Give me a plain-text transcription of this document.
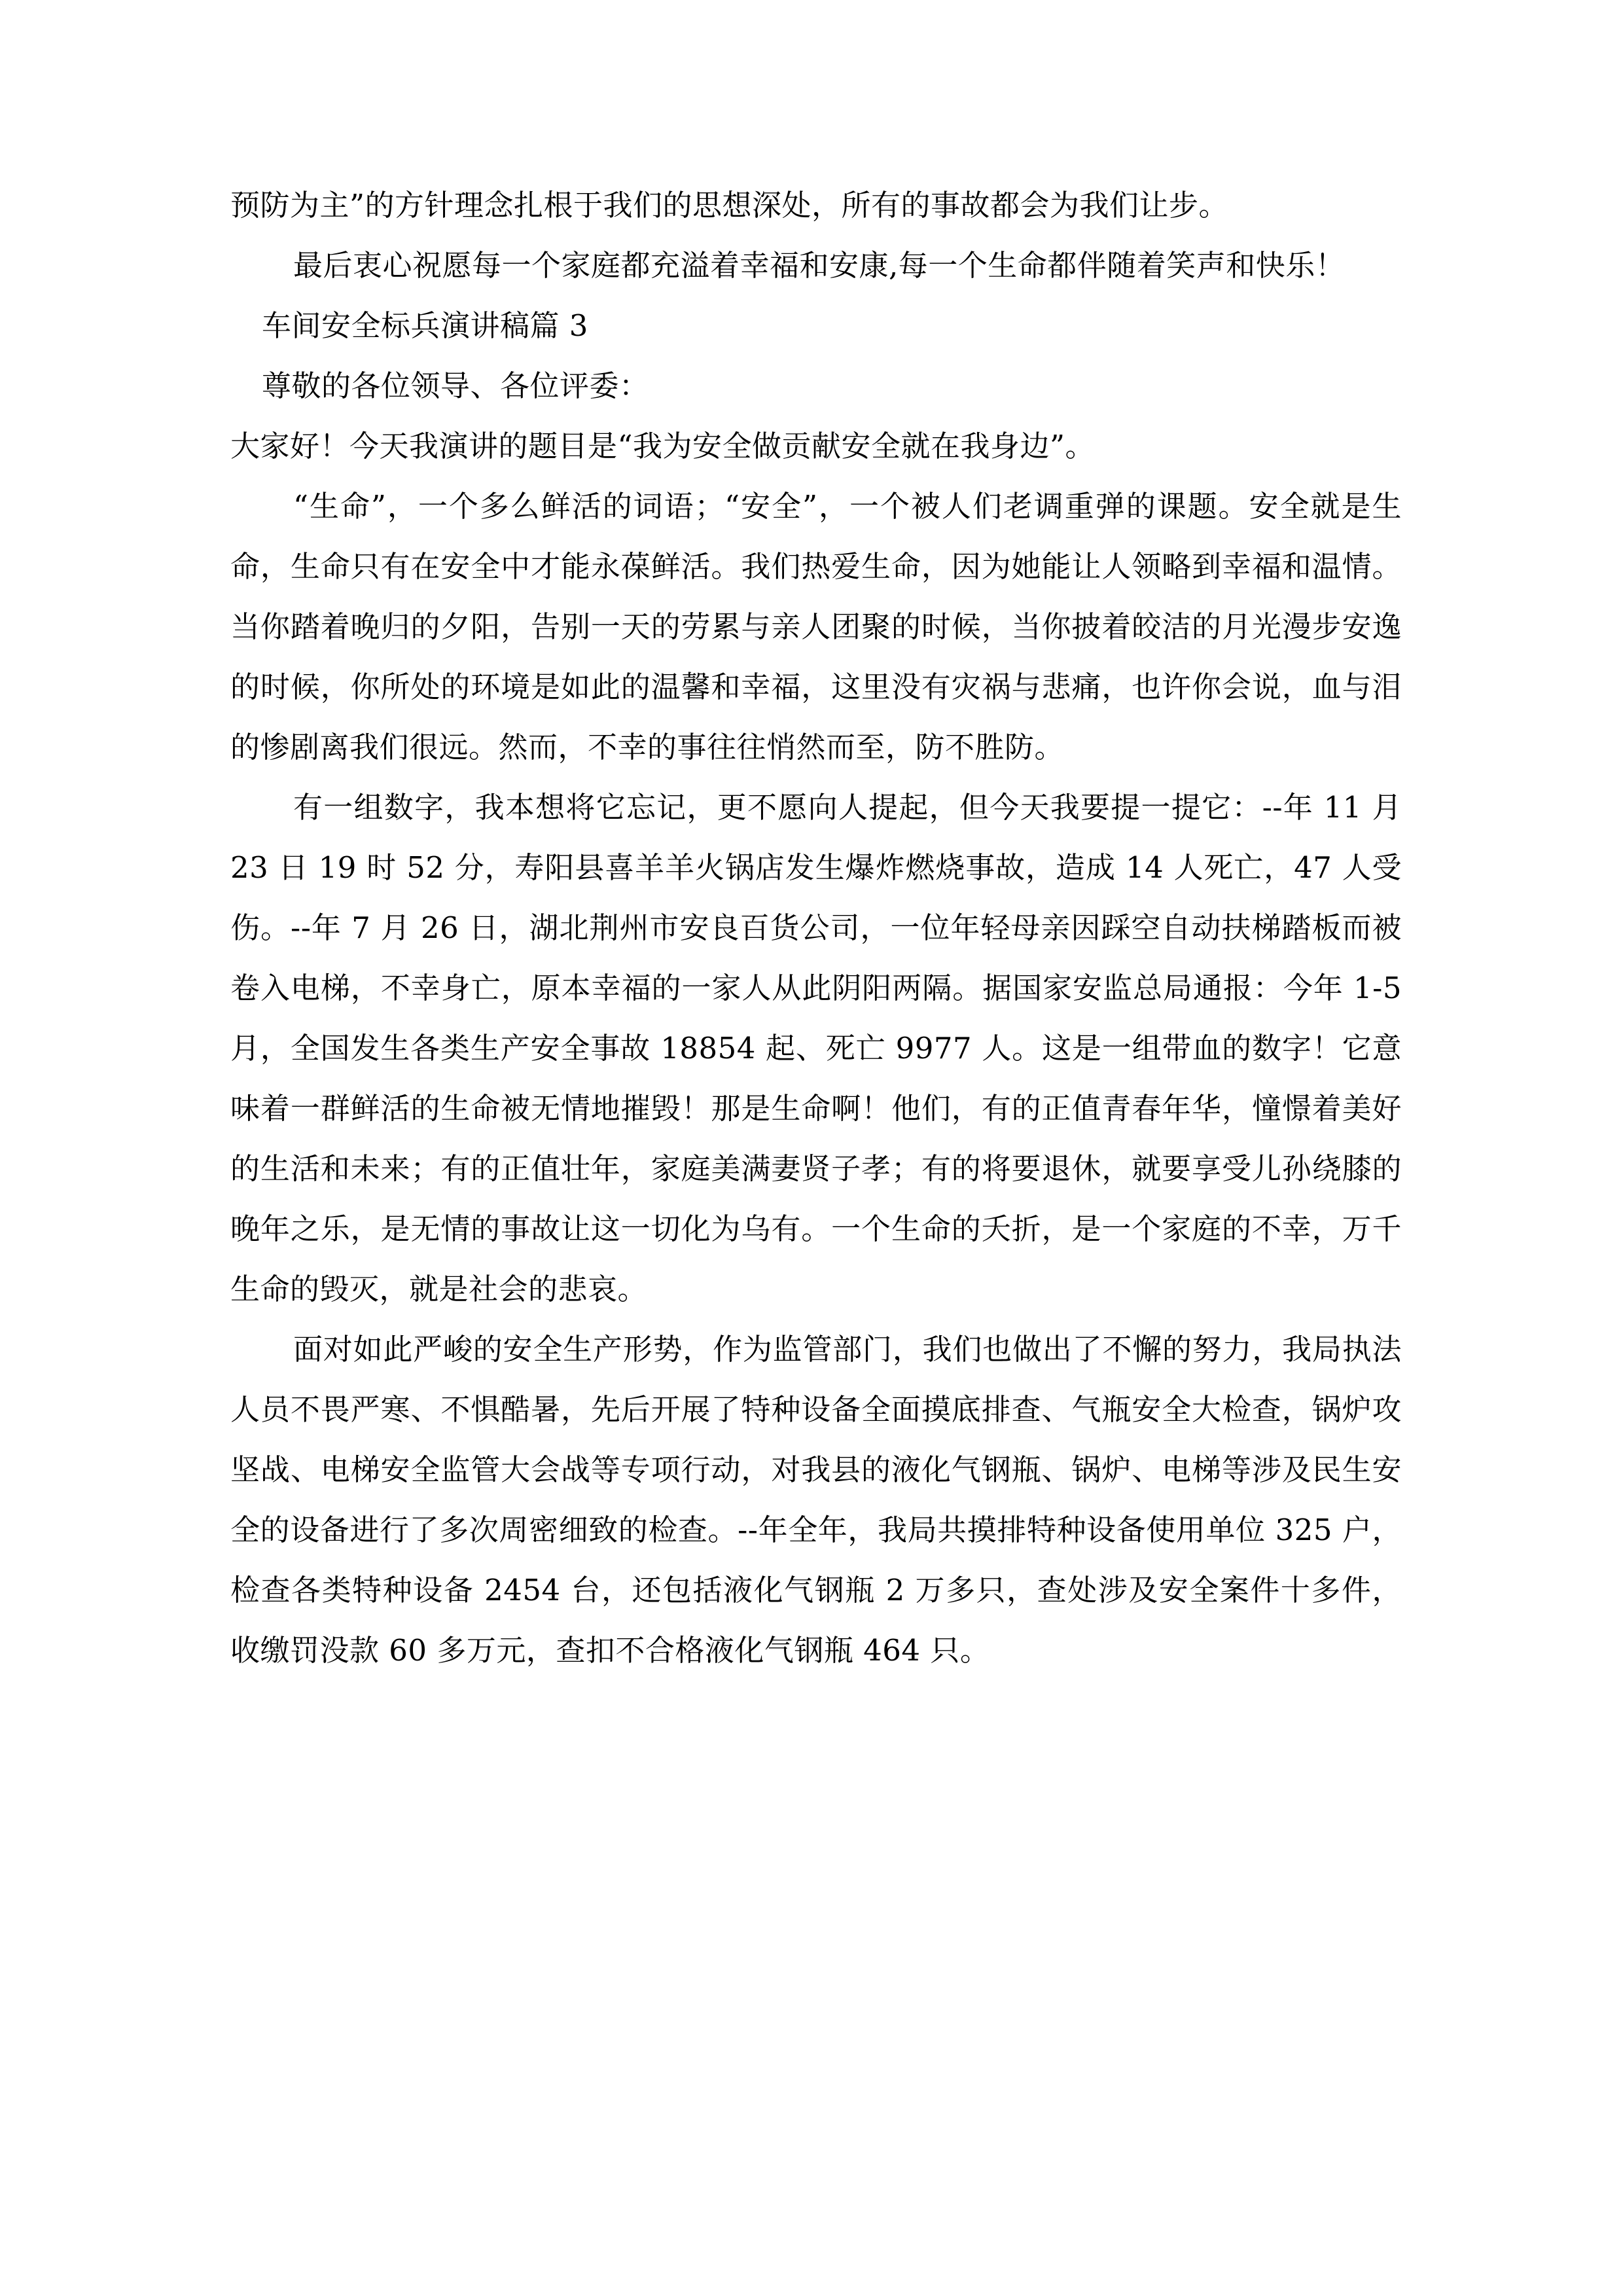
预防为主”的方针理念扎根于我们的思想深处，所有的事故都会为我们让步。

最后衷心祝愿每一个家庭都充溢着幸福和安康,每一个生命都伴随着笑声和快乐！

车间安全标兵演讲稿篇 3

尊敬的各位领导、各位评委：

大家好！今天我演讲的题目是“我为安全做贡献安全就在我身边”。

“生命”，一个多么鲜活的词语；“安全”，一个被人们老调重弹的课题。安全就是生命，生命只有在安全中才能永葆鲜活。我们热爱生命，因为她能让人领略到幸福和温情。当你踏着晚归的夕阳，告别一天的劳累与亲人团聚的时候，当你披着皎洁的月光漫步安逸的时候，你所处的环境是如此的温馨和幸福，这里没有灾祸与悲痛，也许你会说，血与泪的惨剧离我们很远。然而，不幸的事往往悄然而至，防不胜防。

有一组数字，我本想将它忘记，更不愿向人提起，但今天我要提一提它：--年 11 月 23 日 19 时 52 分，寿阳县喜羊羊火锅店发生爆炸燃烧事故，造成 14 人死亡，47 人受伤。--年 7 月 26 日，湖北荆州市安良百货公司，一位年轻母亲因踩空自动扶梯踏板而被卷入电梯，不幸身亡，原本幸福的一家人从此阴阳两隔。据国家安监总局通报：今年 1-5 月，全国发生各类生产安全事故 18854 起、死亡 9977 人。这是一组带血的数字！它意味着一群鲜活的生命被无情地摧毁！那是生命啊！他们，有的正值青春年华，憧憬着美好的生活和未来；有的正值壮年，家庭美满妻贤子孝；有的将要退休，就要享受儿孙绕膝的晚年之乐，是无情的事故让这一切化为乌有。一个生命的夭折，是一个家庭的不幸，万千生命的毁灭，就是社会的悲哀。

面对如此严峻的安全生产形势，作为监管部门，我们也做出了不懈的努力，我局执法人员不畏严寒、不惧酷暑，先后开展了特种设备全面摸底排查、气瓶安全大检查，锅炉攻坚战、电梯安全监管大会战等专项行动，对我县的液化气钢瓶、锅炉、电梯等涉及民生安全的设备进行了多次周密细致的检查。--年全年，我局共摸排特种设备使用单位 325 户，检查各类特种设备 2454 台，还包括液化气钢瓶 2 万多只，查处涉及安全案件十多件，收缴罚没款 60 多万元，查扣不合格液化气钢瓶 464 只。
